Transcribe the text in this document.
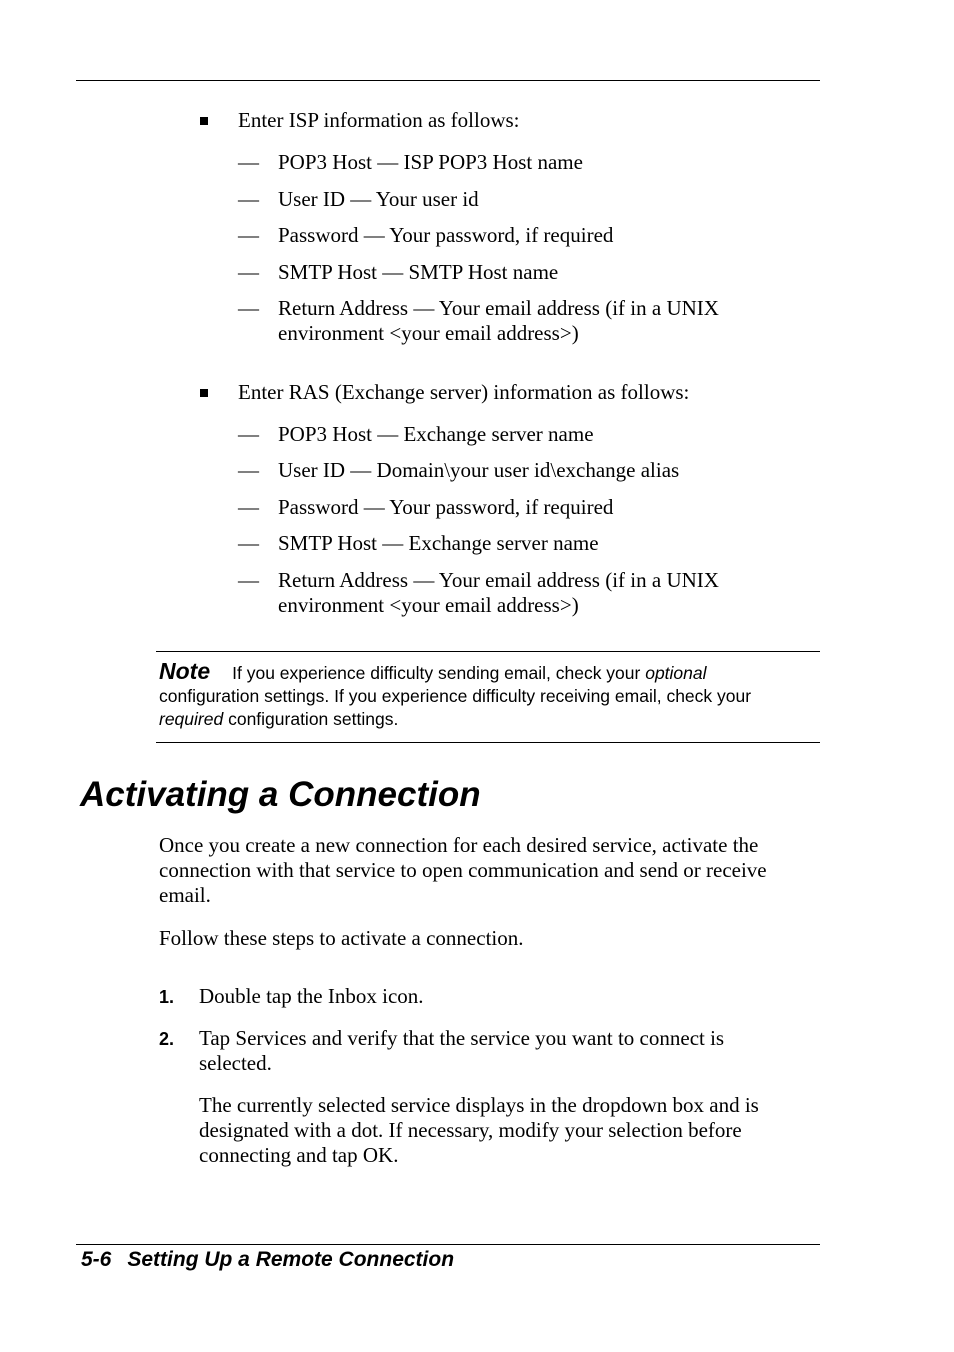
Enter ISP information as follows:
— POP3 Host — ISP POP3 Host name
— User ID — Your user id
— Password — Your password, if required
— SMTP Host — SMTP Host name
— Return Address — Your email address (if in a UNIX environment <your email address>)
Enter RAS (Exchange server) information as follows:
— POP3 Host — Exchange server name
— User ID — Domain\your user id\exchange alias
— Password — Your password, if required
— SMTP Host — Exchange server name
— Return Address — Your email address (if in a UNIX environment <your email address>)
Note If you experience difficulty sending email, check your optional configuration settings. If you experience difficulty receiving email, check your required configuration settings.
Activating a Connection
Once you create a new connection for each desired service, activate the connection with that service to open communication and send or receive email.
Follow these steps to activate a connection.
1. Double tap the Inbox icon.
2. Tap Services and verify that the service you want to connect is selected.
The currently selected service displays in the dropdown box and is designated with a dot. If necessary, modify your selection before connecting and tap OK.
5-6 Setting Up a Remote Connection
